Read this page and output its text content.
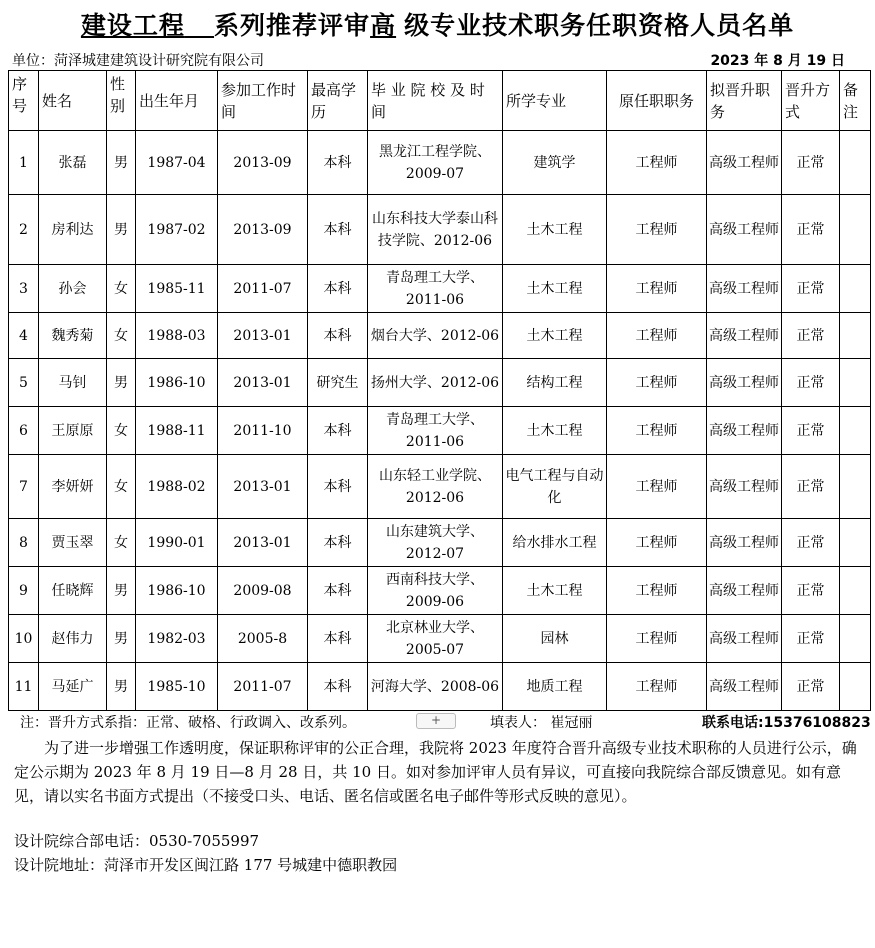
建设工程 系列推荐评审高 级专业技术职务任职资格人员名单
单位：菏泽城建建筑设计研究院有限公司	2023 年 8 月 19 日
序号	姓名	性别	出生年月	参加工作时间	最高学历	毕 业 院 校 及 时 间	所学专业	原任职职务	拟晋升职务	晋升方式	备注
1	张磊	男	1987-04	2013-09	本科	黑龙江工程学院、2009-07	建筑学	工程师	高级工程师	正常	
2	房利达	男	1987-02	2013-09	本科	山东科技大学泰山科技学院、2012-06	土木工程	工程师	高级工程师	正常	
3	孙会	女	1985-11	2011-07	本科	青岛理工大学、2011-06	土木工程	工程师	高级工程师	正常	
4	魏秀菊	女	1988-03	2013-01	本科	烟台大学、2012-06	土木工程	工程师	高级工程师	正常	
5	马钊	男	1986-10	2013-01	研究生	扬州大学、2012-06	结构工程	工程师	高级工程师	正常	
6	王原原	女	1988-11	2011-10	本科	青岛理工大学、2011-06	土木工程	工程师	高级工程师	正常	
7	李妍妍	女	1988-02	2013-01	本科	山东轻工业学院、2012-06	电气工程与自动化	工程师	高级工程师	正常	
8	贾玉翠	女	1990-01	2013-01	本科	山东建筑大学、2012-07	给水排水工程	工程师	高级工程师	正常	
9	任晓辉	男	1986-10	2009-08	本科	西南科技大学、2009-06	土木工程	工程师	高级工程师	正常	
10	赵伟力	男	1982-03	2005-8	本科	北京林业大学、2005-07	园林	工程师	高级工程师	正常	
11	马延广	男	1985-10	2011-07	本科	河海大学、2008-06	地质工程	工程师	高级工程师	正常	
注：晋升方式系指：正常、破格、行政调入、改系列。	填表人： 崔冠丽	联系电话:15376108823
+

为了进一步增强工作透明度，保证职称评审的公正合理，我院将 2023 年度符合晋升高级专业技术职称的人员进行公示，确定公示期为 2023 年 8 月 19 日—8 月 28 日，共 10 日。如对参加评审人员有异议，可直接向我院综合部反馈意见。如有意见，请以实名书面方式提出（不接受口头、电话、匿名信或匿名电子邮件等形式反映的意见）。

设计院综合部电话：0530-7055997
设计院地址：菏泽市开发区闽江路 177 号城建中德职教园
